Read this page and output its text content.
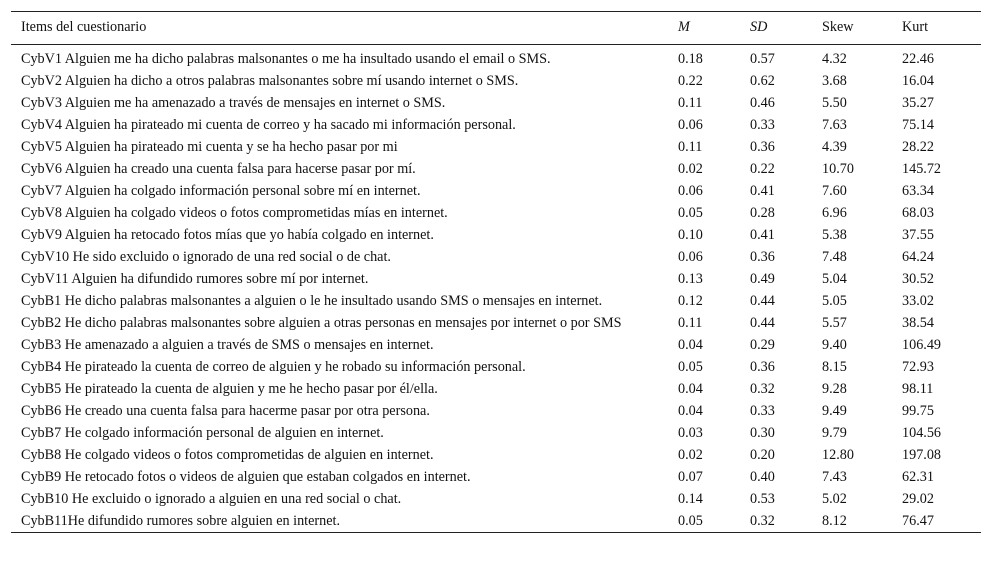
Items del cuestionario	M	SD	Skew	Kurt
CybV1 Alguien me ha dicho palabras malsonantes o me ha insultado usando el email o SMS.	0.18	0.57	4.32	22.46
CybV2 Alguien ha dicho a otros palabras malsonantes sobre mí usando internet o SMS.	0.22	0.62	3.68	16.04
CybV3 Alguien me ha amenazado a través de mensajes en internet o SMS.	0.11	0.46	5.50	35.27
CybV4 Alguien ha pirateado mi cuenta de correo y ha sacado mi información personal.	0.06	0.33	7.63	75.14
CybV5 Alguien ha pirateado mi cuenta y se ha hecho pasar por mi	0.11	0.36	4.39	28.22
CybV6 Alguien ha creado una cuenta falsa para hacerse pasar por mí.	0.02	0.22	10.70	145.72
CybV7 Alguien ha colgado información personal sobre mí en internet.	0.06	0.41	7.60	63.34
CybV8 Alguien ha colgado videos o fotos comprometidas mías en internet.	0.05	0.28	6.96	68.03
CybV9 Alguien ha retocado fotos mías que yo había colgado en internet.	0.10	0.41	5.38	37.55
CybV10 He sido excluido o ignorado de una red social o de chat.	0.06	0.36	7.48	64.24
CybV11 Alguien ha difundido rumores sobre mí por internet.	0.13	0.49	5.04	30.52
CybB1 He dicho palabras malsonantes a alguien o le he insultado usando SMS o mensajes en internet.	0.12	0.44	5.05	33.02
CybB2 He dicho palabras malsonantes sobre alguien a otras personas en mensajes por internet o por SMS	0.11	0.44	5.57	38.54
CybB3 He amenazado a alguien a través de SMS o mensajes en internet.	0.04	0.29	9.40	106.49
CybB4 He pirateado la cuenta de correo de alguien y he robado su información personal.	0.05	0.36	8.15	72.93
CybB5 He pirateado la cuenta de alguien y me he hecho pasar por él/ella.	0.04	0.32	9.28	98.11
CybB6 He creado una cuenta falsa para hacerme pasar por otra persona.	0.04	0.33	9.49	99.75
CybB7 He colgado información personal de alguien en internet.	0.03	0.30	9.79	104.56
CybB8 He colgado videos o fotos comprometidas de alguien en internet.	0.02	0.20	12.80	197.08
CybB9 He retocado fotos o videos de alguien que estaban colgados en internet.	0.07	0.40	7.43	62.31
CybB10 He excluido o ignorado a alguien en una red social o chat.	0.14	0.53	5.02	29.02
CybB11He difundido rumores sobre alguien en internet.	0.05	0.32	8.12	76.47
